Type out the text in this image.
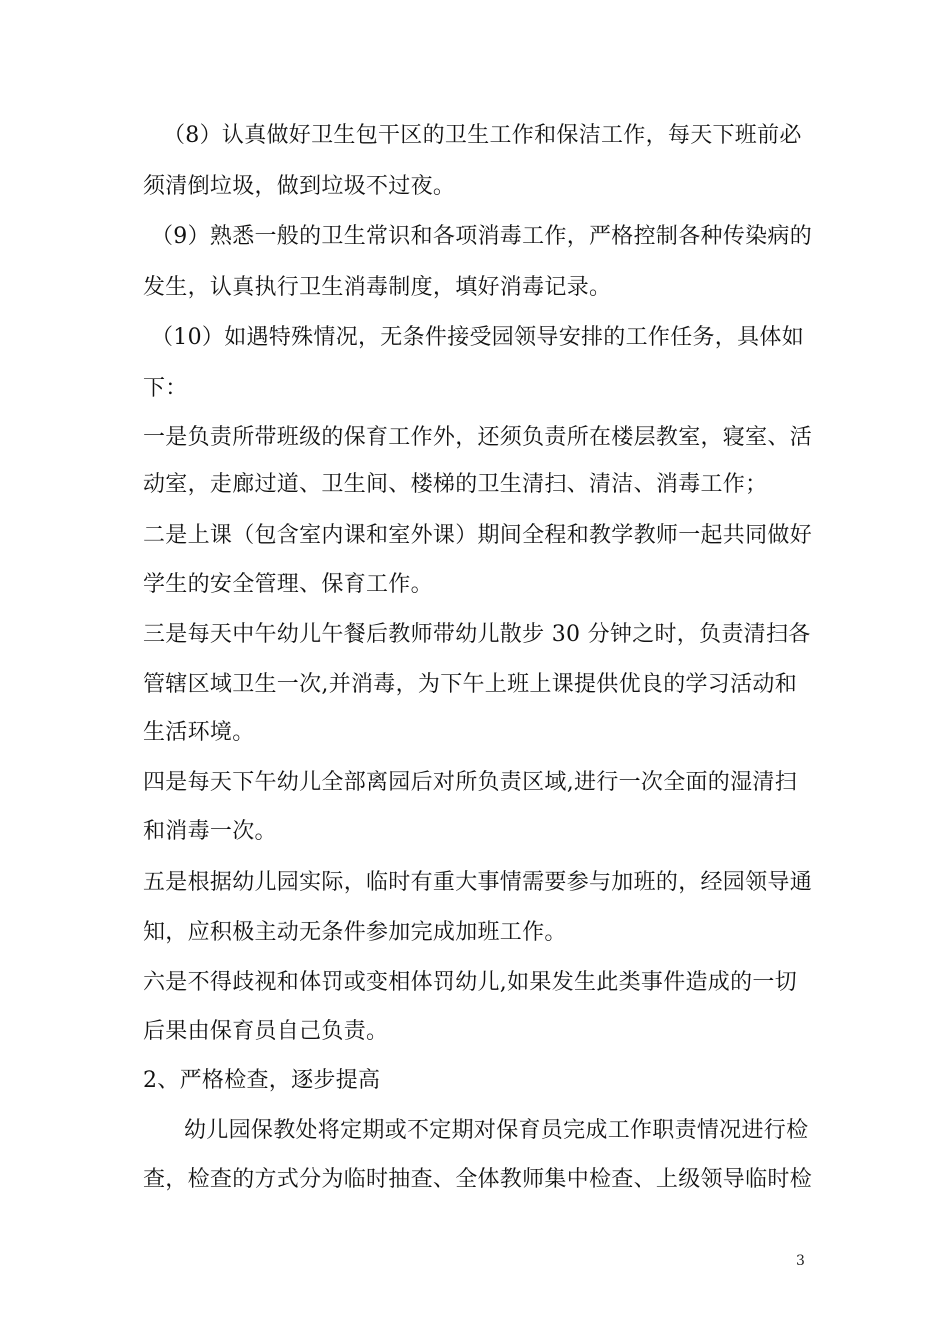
（8）认真做好卫生包干区的卫生工作和保洁工作，每天下班前必
须清倒垃圾，做到垃圾不过夜。
（9）熟悉一般的卫生常识和各项消毒工作，严格控制各种传染病的
发生，认真执行卫生消毒制度，填好消毒记录。
（10）如遇特殊情况，无条件接受园领导安排的工作任务，具体如
下：
一是负责所带班级的保育工作外，还须负责所在楼层教室，寝室、活
动室，走廊过道、卫生间、楼梯的卫生清扫、清洁、消毒工作；
二是上课（包含室内课和室外课）期间全程和教学教师一起共同做好
学生的安全管理、保育工作。
三是每天中午幼儿午餐后教师带幼儿散步 30 分钟之时，负责清扫各
管辖区域卫生一次,并消毒，为下午上班上课提供优良的学习活动和
生活环境。
四是每天下午幼儿全部离园后对所负责区域,进行一次全面的湿清扫
和消毒一次。
五是根据幼儿园实际，临时有重大事情需要参与加班的，经园领导通
知，应积极主动无条件参加完成加班工作。
六是不得歧视和体罚或变相体罚幼儿,如果发生此类事件造成的一切
后果由保育员自己负责。
2、严格检查，逐步提高
幼儿园保教处将定期或不定期对保育员完成工作职责情况进行检
查，检查的方式分为临时抽查、全体教师集中检查、上级领导临时检
3
